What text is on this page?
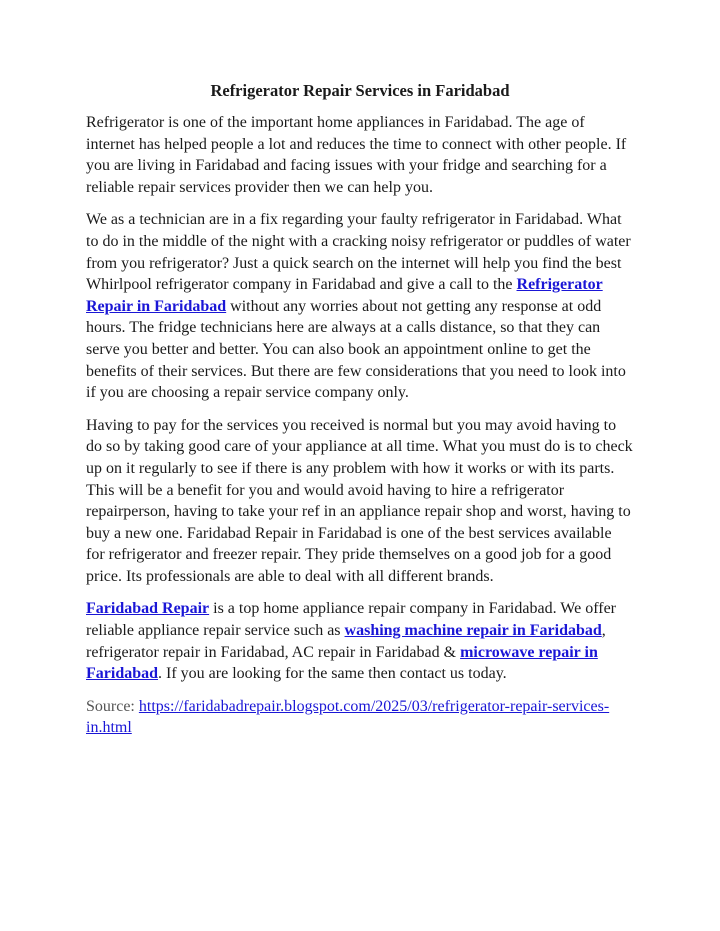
Refrigerator Repair Services in Faridabad

Refrigerator is one of the important home appliances in Faridabad. The age of internet has helped people a lot and reduces the time to connect with other people. If you are living in Faridabad and facing issues with your fridge and searching for a reliable repair services provider then we can help you.

We as a technician are in a fix regarding your faulty refrigerator in Faridabad. What to do in the middle of the night with a cracking noisy refrigerator or puddles of water from you refrigerator? Just a quick search on the internet will help you find the best Whirlpool refrigerator company in Faridabad and give a call to the Refrigerator Repair in Faridabad without any worries about not getting any response at odd hours. The fridge technicians here are always at a calls distance, so that they can serve you better and better. You can also book an appointment online to get the benefits of their services. But there are few considerations that you need to look into if you are choosing a repair service company only.

Having to pay for the services you received is normal but you may avoid having to do so by taking good care of your appliance at all time. What you must do is to check up on it regularly to see if there is any problem with how it works or with its parts. This will be a benefit for you and would avoid having to hire a refrigerator repairperson, having to take your ref in an appliance repair shop and worst, having to buy a new one. Faridabad Repair in Faridabad is one of the best services available for refrigerator and freezer repair. They pride themselves on a good job for a good price. Its professionals are able to deal with all different brands.

Faridabad Repair is a top home appliance repair company in Faridabad. We offer reliable appliance repair service such as washing machine repair in Faridabad, refrigerator repair in Faridabad, AC repair in Faridabad & microwave repair in Faridabad. If you are looking for the same then contact us today.

Source: https://faridabadrepair.blogspot.com/2025/03/refrigerator-repair-services-in.html
